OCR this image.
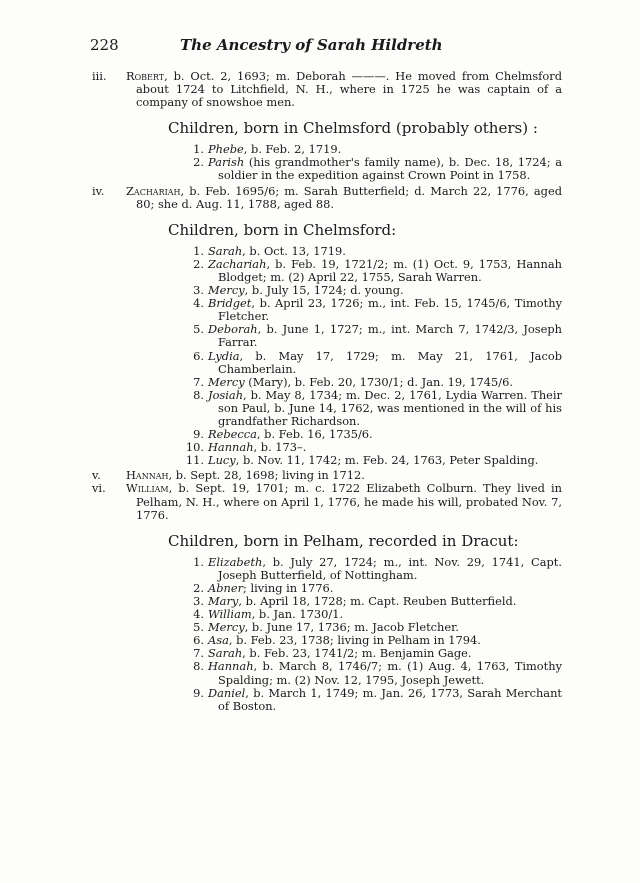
228	The Ancestry of Sarah Hildreth
iii.	Robert, b. Oct. 2, 1693; m. Deborah ———. He moved from Chelmsford about 1724 to Litchfield, N. H., where in 1725 he was captain of a company of snowshoe men.
Children, born in Chelmsford (probably others) :
1. Phebe, b. Feb. 2, 1719.
2. Parish (his grandmother's family name), b. Dec. 18, 1724; a soldier in the expedition against Crown Point in 1758.
iv.	Zachariah, b. Feb. 1695/6; m. Sarah Butterfield; d. March 22, 1776, aged 80; she d. Aug. 11, 1788, aged 88.
Children, born in Chelmsford:
1. Sarah, b. Oct. 13, 1719.
2. Zachariah, b. Feb. 19, 1721/2; m. (1) Oct. 9, 1753, Hannah Blodget; m. (2) April 22, 1755, Sarah Warren.
3. Mercy, b. July 15, 1724; d. young.
4. Bridget, b. April 23, 1726; m., int. Feb. 15, 1745/6, Timothy Fletcher.
5. Deborah, b. June 1, 1727; m., int. March 7, 1742/3, Joseph Farrar.
6. Lydia, b. May 17, 1729; m. May 21, 1761, Jacob Chamberlain.
7. Mercy (Mary), b. Feb. 20, 1730/1; d. Jan. 19, 1745/6.
8. Josiah, b. May 8, 1734; m. Dec. 2, 1761, Lydia Warren. Their son Paul, b. June 14, 1762, was mentioned in the will of his grandfather Richardson.
9. Rebecca, b. Feb. 16, 1735/6.
10. Hannah, b. 173–.
11. Lucy, b. Nov. 11, 1742; m. Feb. 24, 1763, Peter Spalding.
v.	Hannah, b. Sept. 28, 1698; living in 1712.
vi.	William, b. Sept. 19, 1701; m. c. 1722 Elizabeth Colburn. They lived in Pelham, N. H., where on April 1, 1776, he made his will, probated Nov. 7, 1776.
Children, born in Pelham, recorded in Dracut:
1. Elizabeth, b. July 27, 1724; m., int. Nov. 29, 1741, Capt. Joseph Butterfield, of Nottingham.
2. Abner; living in 1776.
3. Mary, b. April 18, 1728; m. Capt. Reuben Butterfield.
4. William, b. Jan. 1730/1.
5. Mercy, b. June 17, 1736; m. Jacob Fletcher.
6. Asa, b. Feb. 23, 1738; living in Pelham in 1794.
7. Sarah, b. Feb. 23, 1741/2; m. Benjamin Gage.
8. Hannah, b. March 8, 1746/7; m. (1) Aug. 4, 1763, Timothy Spalding; m. (2) Nov. 12, 1795, Joseph Jewett.
9. Daniel, b. March 1, 1749; m. Jan. 26, 1773, Sarah Merchant of Boston.
